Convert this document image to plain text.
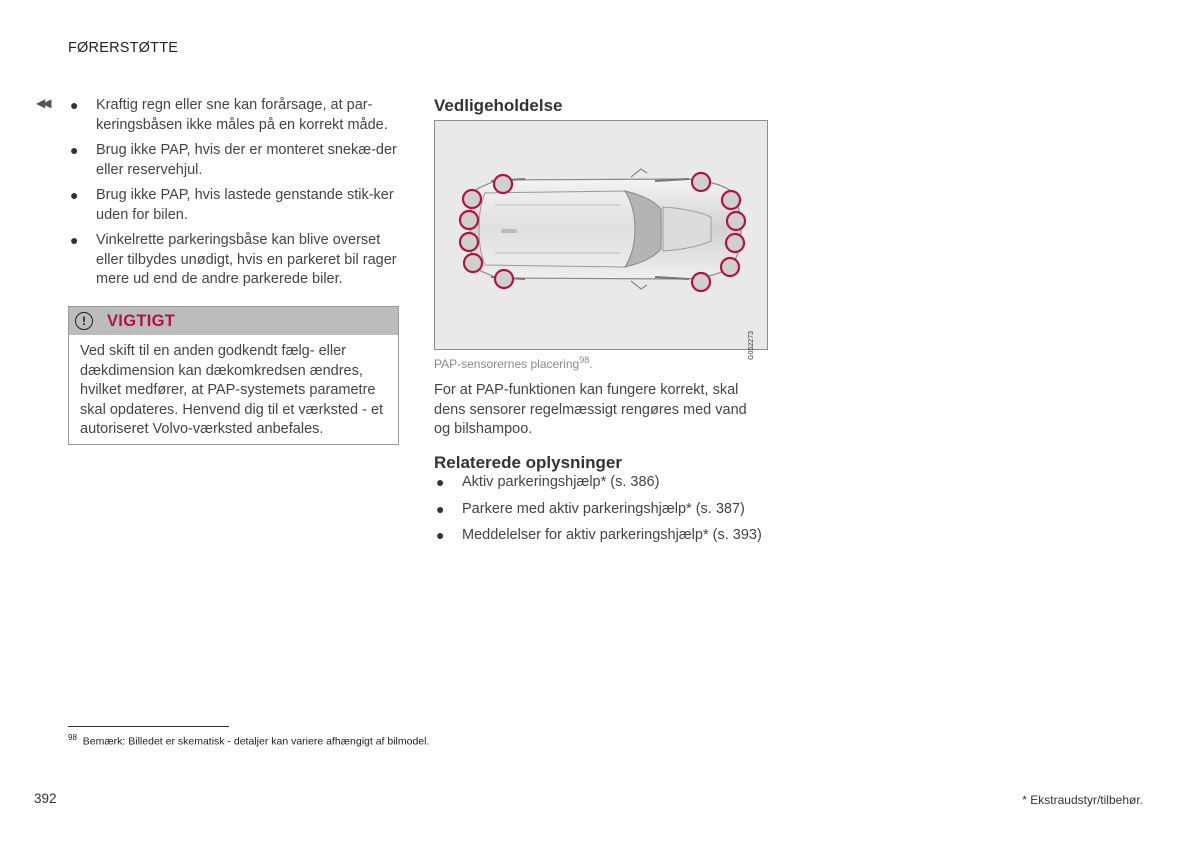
FØRERSTØTTE
◀◀ ● Kraftig regn eller sne kan forårsage, at par-keringsbåsen ikke måles på en korrekt måde.
● Brug ikke PAP, hvis der er monteret snekæ-der eller reservehjul.
● Brug ikke PAP, hvis lastede genstande stik-ker uden for bilen.
● Vinkelrette parkeringsbåse kan blive overset eller tilbydes unødigt, hvis en parkeret bil rager mere ud end de andre parkerede biler.
!	VIGTIGT
Ved skift til en anden godkendt fælg- eller dækdimension kan dækomkredsen ændres, hvilket medfører, at PAP-systemets parametre skal opdateres. Henvend dig til et værksted - et autoriseret Volvo-værksted anbefales.
Vedligeholdelse
G052273
PAP-sensorernes placering$^{98}$.
For at PAP-funktionen kan fungere korrekt, skal dens sensorer regelmæssigt rengøres med vand og bilshampoo.
Relaterede oplysninger
● Aktiv parkeringshjælp* (s. 386)
● Parkere med aktiv parkeringshjælp* (s. 387)
● Meddelelser for aktiv parkeringshjælp* (s. 393)
$^{98}$ Bemærk: Billedet er skematisk - detaljer kan variere afhængigt af bilmodel.
392	* Ekstraudstyr/tilbehør.
